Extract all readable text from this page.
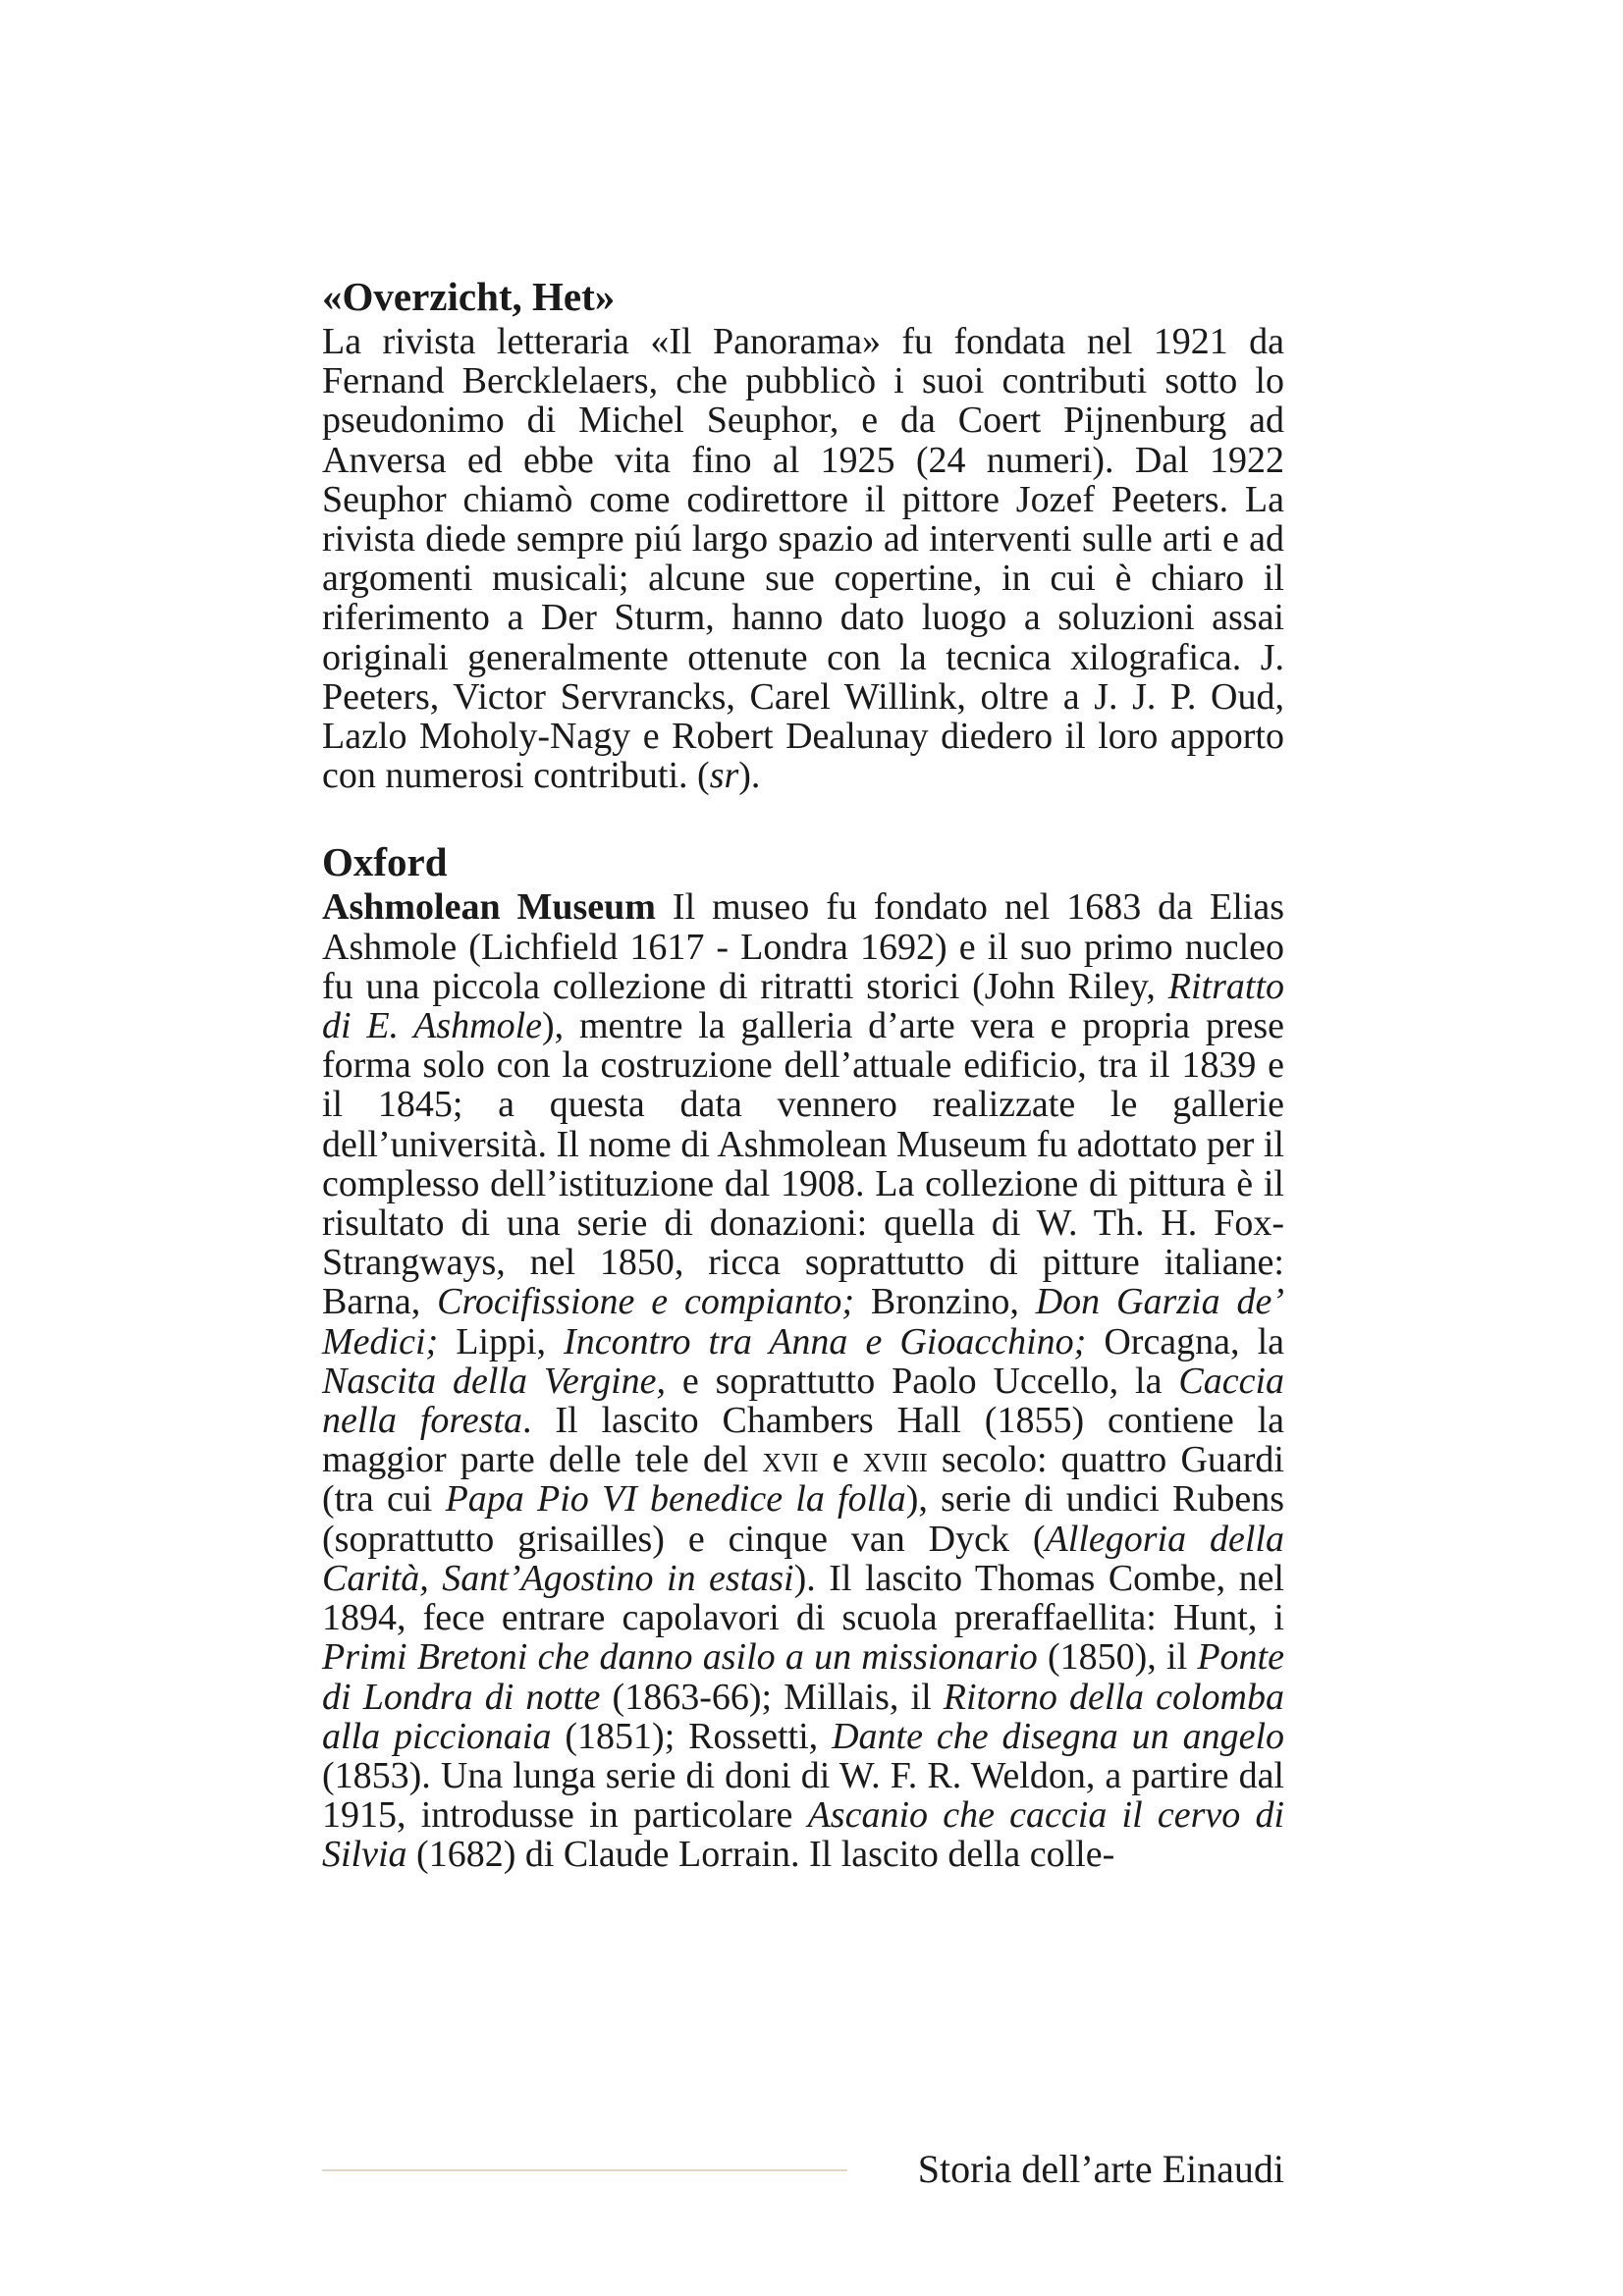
«Overzicht, Het»

La rivista letteraria «Il Panorama» fu fondata nel 1921 da Fernand Bercklelaers, che pubblicò i suoi contributi sotto lo pseudonimo di Michel Seuphor, e da Coert Pijnenburg ad Anversa ed ebbe vita fino al 1925 (24 numeri). Dal 1922 Seuphor chiamò come codirettore il pittore Jozef Peeters. La rivista diede sempre piú largo spazio ad interventi sulle arti e ad argomenti musicali; alcune sue copertine, in cui è chiaro il riferimento a Der Sturm, hanno dato luogo a soluzioni assai originali generalmente ottenute con la tecnica xilografica. J. Peeters, Victor Servrancks, Carel Willink, oltre a J. J. P. Oud, Lazlo Moholy-Nagy e Robert Dealunay diedero il loro apporto con numerosi contributi. (sr).

Oxford

Ashmolean Museum Il museo fu fondato nel 1683 da Elias Ashmole (Lichfield 1617 - Londra 1692) e il suo primo nucleo fu una piccola collezione di ritratti storici (John Riley, Ritratto di E. Ashmole), mentre la galleria d’arte vera e propria prese forma solo con la costruzione dell’attuale edificio, tra il 1839 e il 1845; a questa data vennero realizzate le gallerie dell’università. Il nome di Ashmolean Museum fu adottato per il complesso dell’istituzione dal 1908. La collezione di pittura è il risultato di una serie di donazioni: quella di W. Th. H. Fox-Strangways, nel 1850, ricca soprattutto di pitture italiane: Barna, Crocifissione e compianto; Bronzino, Don Garzia de’ Medici; Lippi, Incontro tra Anna e Gioacchino; Orcagna, la Nascita della Vergine, e soprattutto Paolo Uccello, la Caccia nella foresta. Il lascito Chambers Hall (1855) contiene la maggior parte delle tele del xvii e xviii secolo: quattro Guardi (tra cui Papa Pio VI benedice la folla), serie di undici Rubens (soprattutto grisailles) e cinque van Dyck (Allegoria della Carità, Sant’Agostino in estasi). Il lascito Thomas Combe, nel 1894, fece entrare capolavori di scuola preraffaellita: Hunt, i Primi Bretoni che danno asilo a un missionario (1850), il Ponte di Londra di notte (1863-66); Millais, il Ritorno della colomba alla piccionaia (1851); Rossetti, Dante che disegna un angelo (1853). Una lunga serie di doni di W. F. R. Weldon, a partire dal 1915, introdusse in particolare Ascanio che caccia il cervo di Silvia (1682) di Claude Lorrain. Il lascito della colle-

Storia dell’arte Einaudi
